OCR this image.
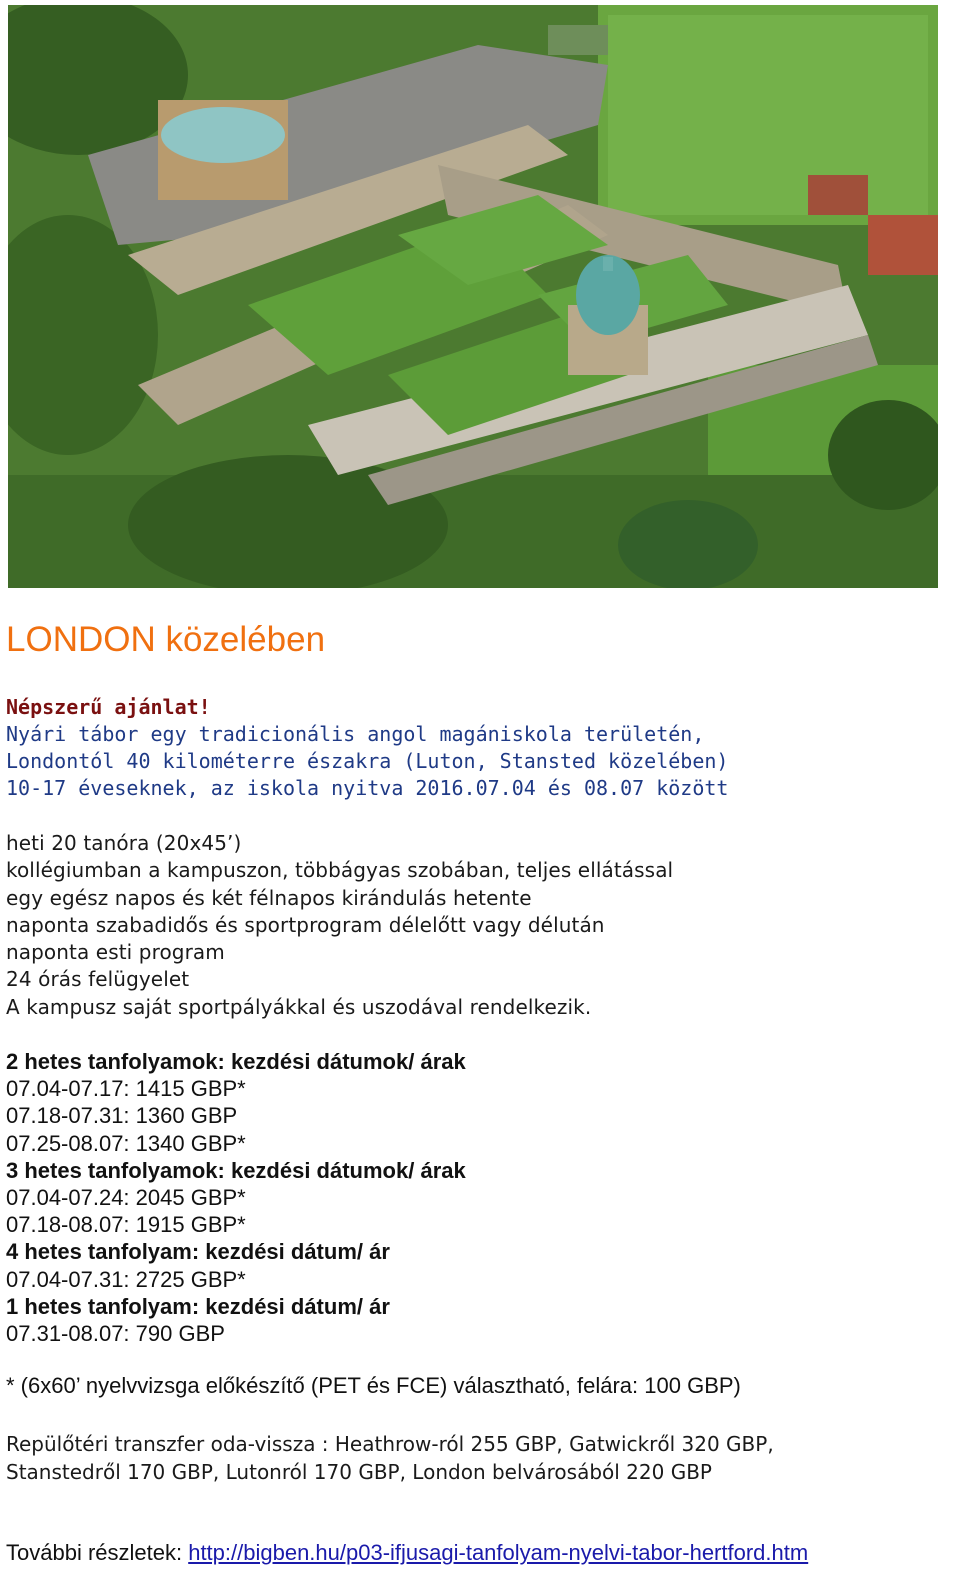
LONDON közelében
Népszerű ajánlat!
Nyári tábor egy tradicionális angol magániskola területén,
Londontól 40 kilométerre északra (Luton, Stansted közelében)
10-17 éveseknek, az iskola nyitva 2016.07.04 és 08.07 között
heti 20 tanóra (20x45’)
kollégiumban a kampuszon, többágyas szobában, teljes ellátással
egy egész napos és két félnapos kirándulás hetente
naponta szabadidős és sportprogram délelőtt vagy délután
naponta esti program
24 órás felügyelet
A kampusz saját sportpályákkal és uszodával rendelkezik.
2 hetes tanfolyamok: kezdési dátumok/ árak
07.04-07.17: 1415 GBP*
07.18-07.31: 1360 GBP
07.25-08.07: 1340 GBP*
3 hetes tanfolyamok: kezdési dátumok/ árak
07.04-07.24: 2045 GBP*
07.18-08.07: 1915 GBP*
4 hetes tanfolyam: kezdési dátum/ ár
07.04-07.31: 2725 GBP*
1 hetes tanfolyam: kezdési dátum/ ár
07.31-08.07: 790 GBP

* (6x60’ nyelvvizsga előkészítő (PET és FCE) választható, felára: 100 GBP)

Repülőtéri transzfer oda-vissza : Heathrow-ról 255 GBP, Gatwickről 320 GBP,
Stanstedről 170 GBP, Lutonról 170 GBP, London belvárosából 220 GBP

További részletek: http://bigben.hu/p03-ifjusagi-tanfolyam-nyelvi-tabor-hertford.htm
